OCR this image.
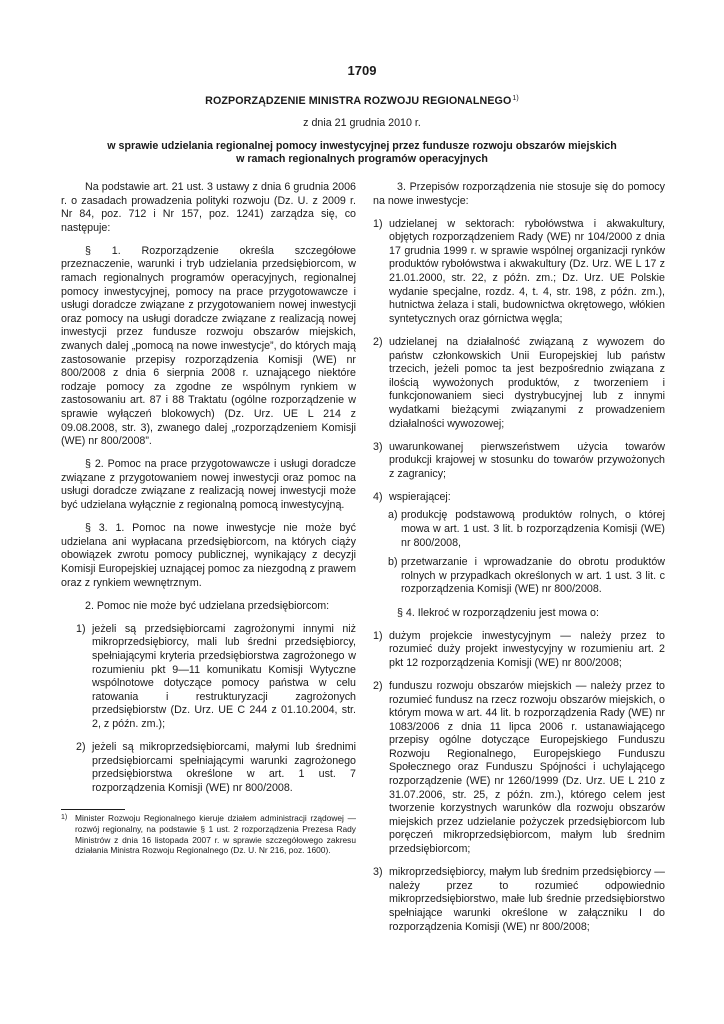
1709
ROZPORZĄDZENIE MINISTRA ROZWOJU REGIONALNEGO$^{1)}$
z dnia 21 grudnia 2010 r.
w sprawie udzielania regionalnej pomocy inwestycyjnej przez fundusze rozwoju obszarów miejskich
w ramach regionalnych programów operacyjnych

Na podstawie art. 21 ust. 3 ustawy z dnia 6 grudnia 2006 r. o zasadach prowadzenia polityki rozwoju (Dz. U. z 2009 r. Nr 84, poz. 712 i Nr 157, poz. 1241) zarządza się, co następuje:

§ 1. Rozporządzenie określa szczegółowe przeznaczenie, warunki i tryb udzielania przedsiębiorcom, w ramach regionalnych programów operacyjnych, regionalnej pomocy inwestycyjnej, pomocy na prace przygotowawcze i usługi doradcze związane z przygotowaniem nowej inwestycji oraz pomocy na usługi doradcze związane z realizacją nowej inwestycji przez fundusze rozwoju obszarów miejskich, zwanych dalej „pomocą na nowe inwestycje”, do których mają zastosowanie przepisy rozporządzenia Komisji (WE) nr 800/2008 z dnia 6 sierpnia 2008 r. uznającego niektóre rodzaje pomocy za zgodne ze wspólnym rynkiem w zastosowaniu art. 87 i 88 Traktatu (ogólne rozporządzenie w sprawie wyłączeń blokowych) (Dz. Urz. UE L 214 z 09.08.2008, str. 3), zwanego dalej „rozporządzeniem Komisji (WE) nr 800/2008”.

§ 2. Pomoc na prace przygotowawcze i usługi doradcze związane z przygotowaniem nowej inwestycji oraz pomoc na usługi doradcze związane z realizacją nowej inwestycji może być udzielana wyłącznie z regionalną pomocą inwestycyjną.

§ 3. 1. Pomoc na nowe inwestycje nie może być udzielana ani wypłacana przedsiębiorcom, na których ciąży obowiązek zwrotu pomocy publicznej, wynikający z decyzji Komisji Europejskiej uznającej pomoc za niezgodną z prawem oraz z rynkiem wewnętrznym.

2. Pomoc nie może być udzielana przedsiębiorcom:

1) jeżeli są przedsiębiorcami zagrożonymi innymi niż mikroprzedsiębiorcy, mali lub średni przedsiębiorcy, spełniającymi kryteria przedsiębiorstwa zagrożonego w rozumieniu pkt 9—11 komunikatu Komisji Wytyczne wspólnotowe dotyczące pomocy państwa w celu ratowania i restrukturyzacji zagrożonych przedsiębiorstw (Dz. Urz. UE C 244 z 01.10.2004, str. 2, z późn. zm.);
2) jeżeli są mikroprzedsiębiorcami, małymi lub średnimi przedsiębiorcami spełniającymi warunki zagrożonego przedsiębiorstwa określone w art. 1 ust. 7 rozporządzenia Komisji (WE) nr 800/2008.
1) Minister Rozwoju Regionalnego kieruje działem administracji rządowej — rozwój regionalny, na podstawie § 1 ust. 2 rozporządzenia Prezesa Rady Ministrów z dnia 16 listopada 2007 r. w sprawie szczegółowego zakresu działania Ministra Rozwoju Regionalnego (Dz. U. Nr 216, poz. 1600).

3. Przepisów rozporządzenia nie stosuje się do pomocy na nowe inwestycje:

1) udzielanej w sektorach: rybołówstwa i akwakultury, objętych rozporządzeniem Rady (WE) nr 104/2000 z dnia 17 grudnia 1999 r. w sprawie wspólnej organizacji rynków produktów rybołówstwa i akwakultury (Dz. Urz. WE L 17 z 21.01.2000, str. 22, z późn. zm.; Dz. Urz. UE Polskie wydanie specjalne, rozdz. 4, t. 4, str. 198, z późn. zm.), hutnictwa żelaza i stali, budownictwa okrętowego, włókien syntetycznych oraz górnictwa węgla;
2) udzielanej na działalność związaną z wywozem do państw członkowskich Unii Europejskiej lub państw trzecich, jeżeli pomoc ta jest bezpośrednio związana z ilością wywożonych produktów, z tworzeniem i funkcjonowaniem sieci dystrybucyjnej lub z innymi wydatkami bieżącymi związanymi z prowadzeniem działalności wywozowej;
3) uwarunkowanej pierwszeństwem użycia towarów produkcji krajowej w stosunku do towarów przywożonych z zagranicy;
4) wspierającej:
a) produkcję podstawową produktów rolnych, o której mowa w art. 1 ust. 3 lit. b rozporządzenia Komisji (WE) nr 800/2008,
b) przetwarzanie i wprowadzanie do obrotu produktów rolnych w przypadkach określonych w art. 1 ust. 3 lit. c rozporządzenia Komisji (WE) nr 800/2008.

§ 4. Ilekroć w rozporządzeniu jest mowa o:

1) dużym projekcie inwestycyjnym — należy przez to rozumieć duży projekt inwestycyjny w rozumieniu art. 2 pkt 12 rozporządzenia Komisji (WE) nr 800/2008;
2) funduszu rozwoju obszarów miejskich — należy przez to rozumieć fundusz na rzecz rozwoju obszarów miejskich, o którym mowa w art. 44 lit. b rozporządzenia Rady (WE) nr 1083/2006 z dnia 11 lipca 2006 r. ustanawiającego przepisy ogólne dotyczące Europejskiego Funduszu Rozwoju Regionalnego, Europejskiego Funduszu Społecznego oraz Funduszu Spójności i uchylającego rozporządzenie (WE) nr 1260/1999 (Dz. Urz. UE L 210 z 31.07.2006, str. 25, z późn. zm.), którego celem jest tworzenie korzystnych warunków dla rozwoju obszarów miejskich przez udzielanie pożyczek przedsiębiorcom lub poręczeń mikroprzedsiębiorcom, małym lub średnim przedsiębiorcom;
3) mikroprzedsiębiorcy, małym lub średnim przedsiębiorcy — należy przez to rozumieć odpowiednio mikroprzedsiębiorstwo, małe lub średnie przedsiębiorstwo spełniające warunki określone w załączniku I do rozporządzenia Komisji (WE) nr 800/2008;
